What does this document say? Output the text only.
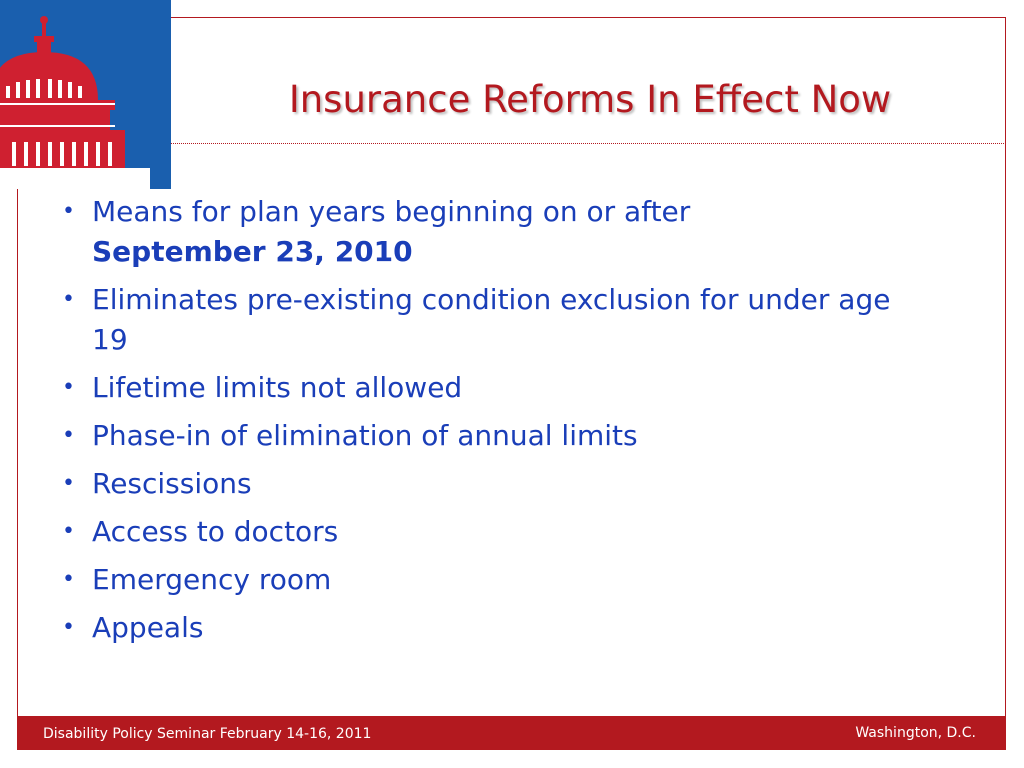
Insurance Reforms In Effect Now
• Means for plan years beginning on or after
September 23, 2010
• Eliminates pre-existing condition exclusion for under age 19
• Lifetime limits not allowed
• Phase-in of elimination of annual limits
• Rescissions
• Access to doctors
• Emergency room
• Appeals
Disability Policy Seminar February 14-16, 2011	Washington, D.C.
